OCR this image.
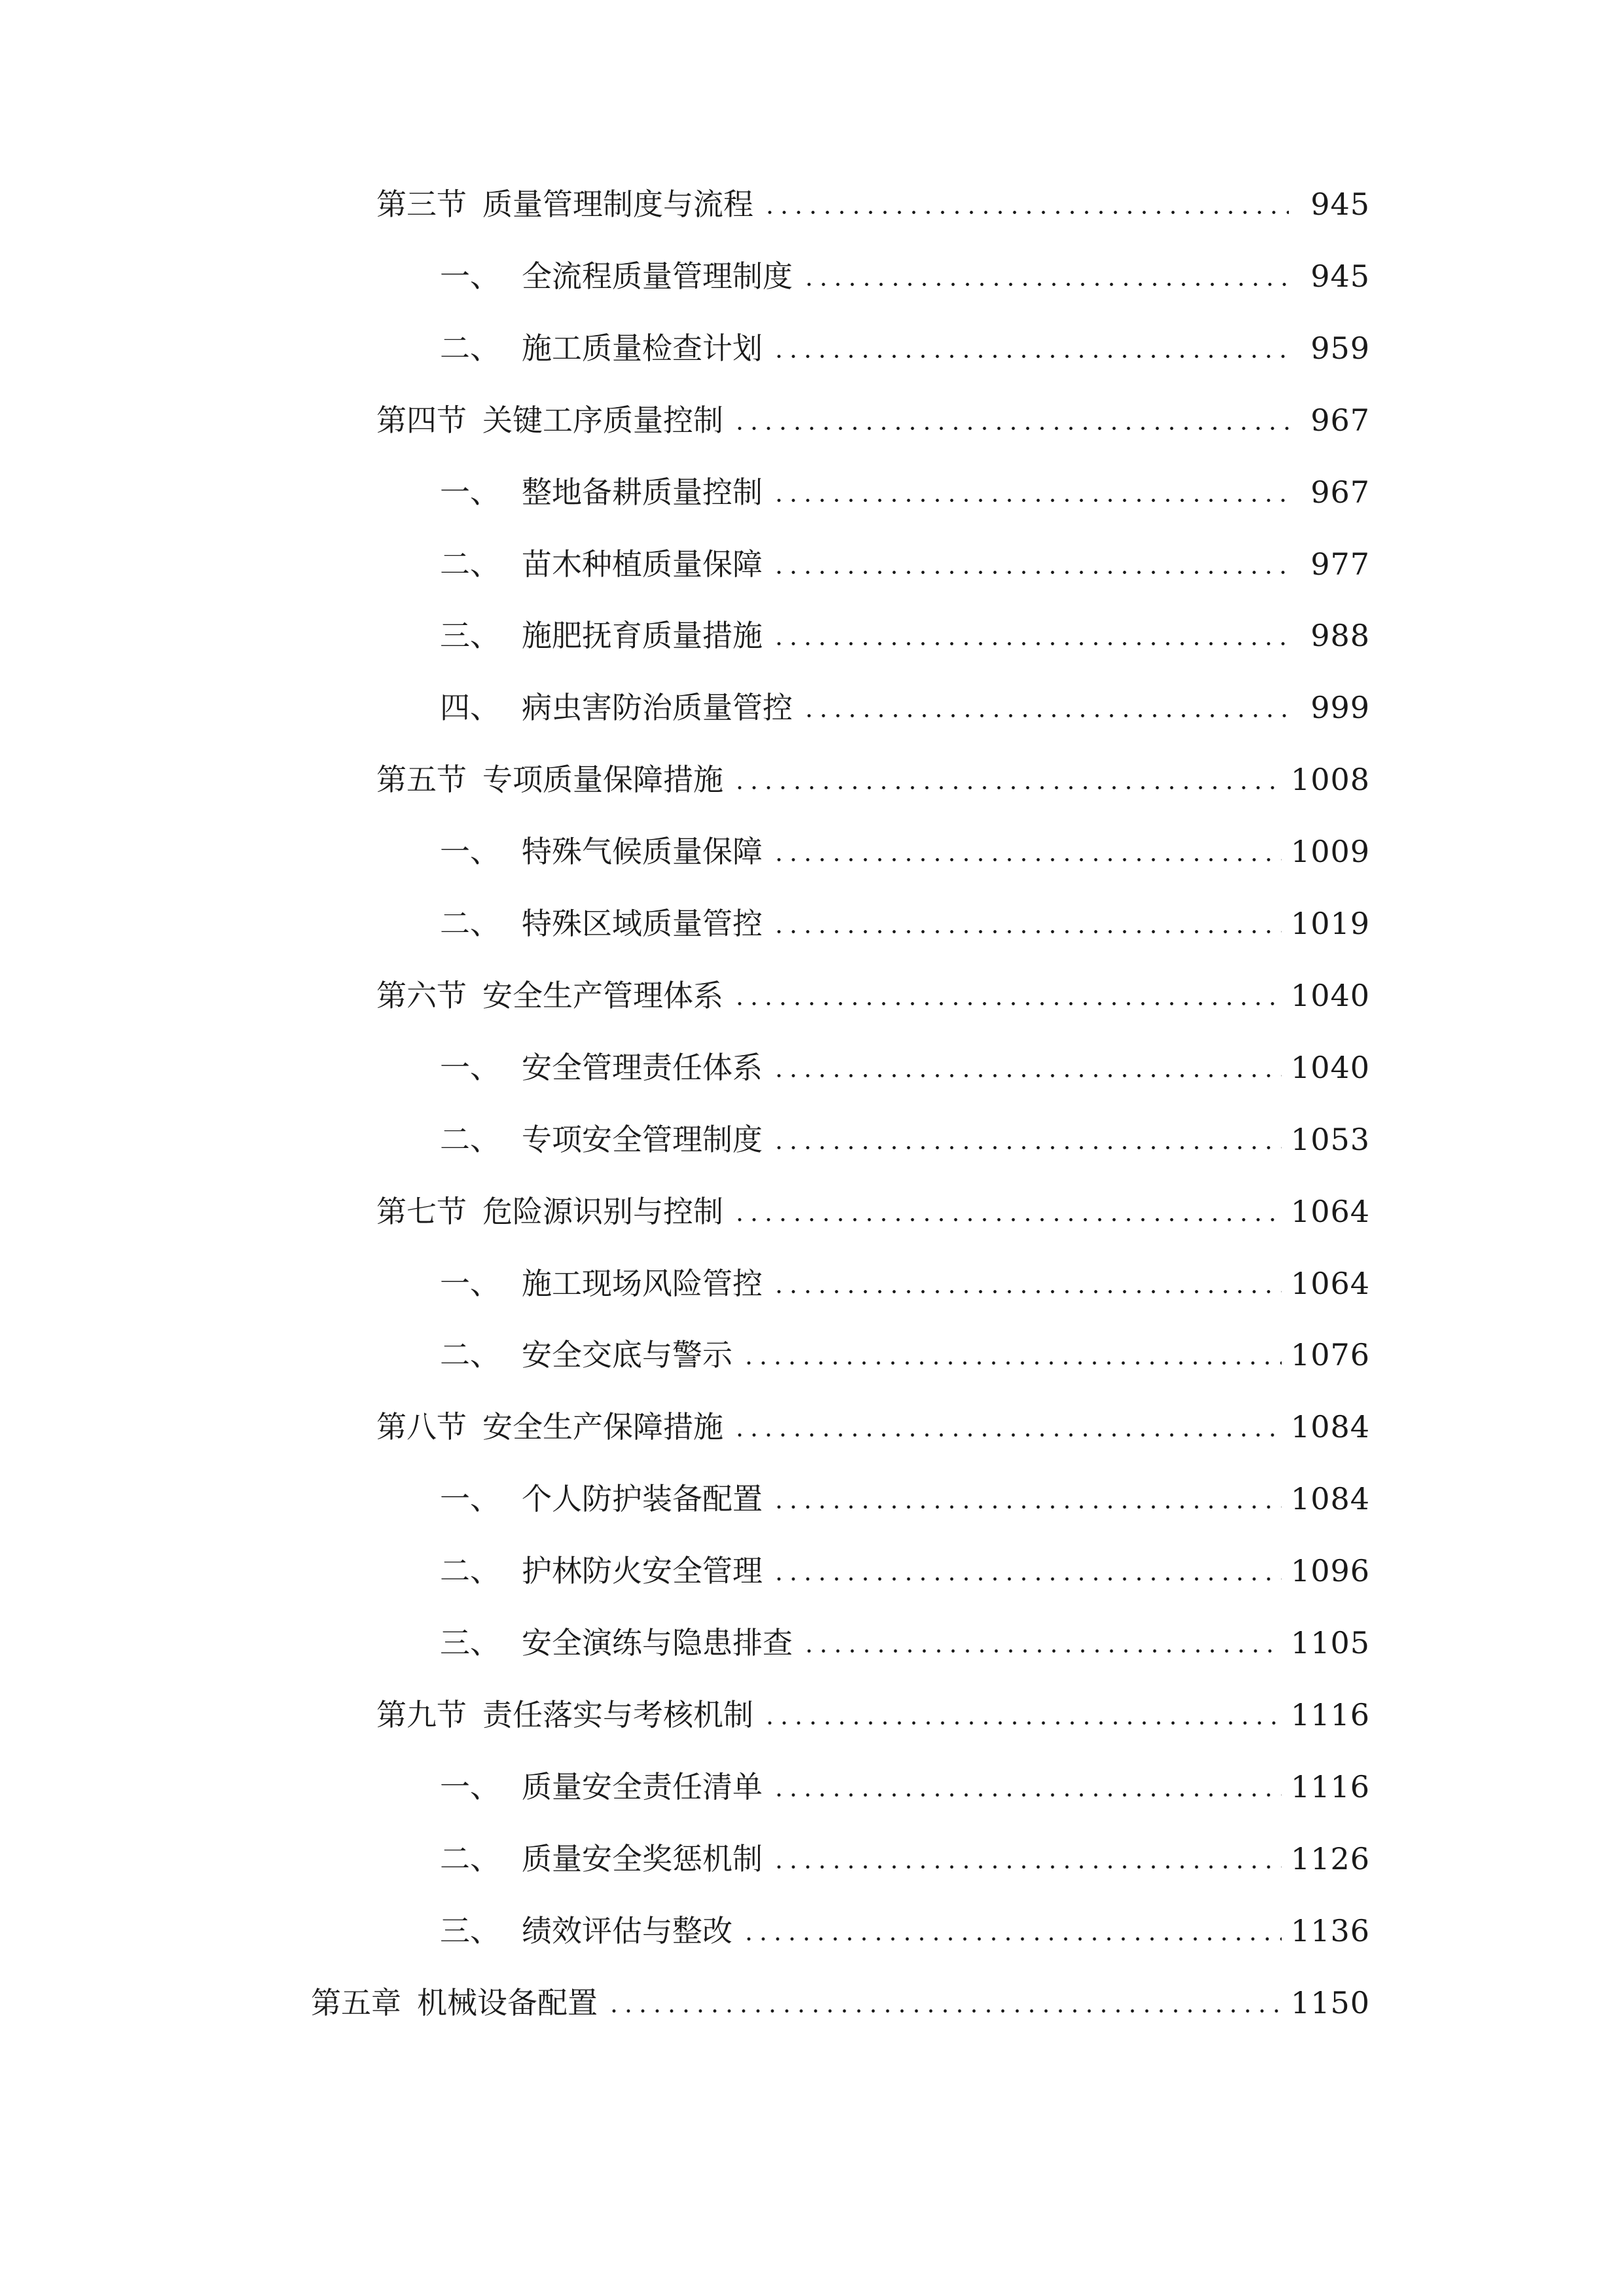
第三节 质量管理制度与流程	945
一、 全流程质量管理制度	945
二、 施工质量检查计划	959
第四节 关键工序质量控制	967
一、 整地备耕质量控制	967
二、 苗木种植质量保障	977
三、 施肥抚育质量措施	988
四、 病虫害防治质量管控	999
第五节 专项质量保障措施	1008
一、 特殊气候质量保障	1009
二、 特殊区域质量管控	1019
第六节 安全生产管理体系	1040
一、 安全管理责任体系	1040
二、 专项安全管理制度	1053
第七节 危险源识别与控制	1064
一、 施工现场风险管控	1064
二、 安全交底与警示	1076
第八节 安全生产保障措施	1084
一、 个人防护装备配置	1084
二、 护林防火安全管理	1096
三、 安全演练与隐患排查	1105
第九节 责任落实与考核机制	1116
一、 质量安全责任清单	1116
二、 质量安全奖惩机制	1126
三、 绩效评估与整改	1136
第五章 机械设备配置	1150
